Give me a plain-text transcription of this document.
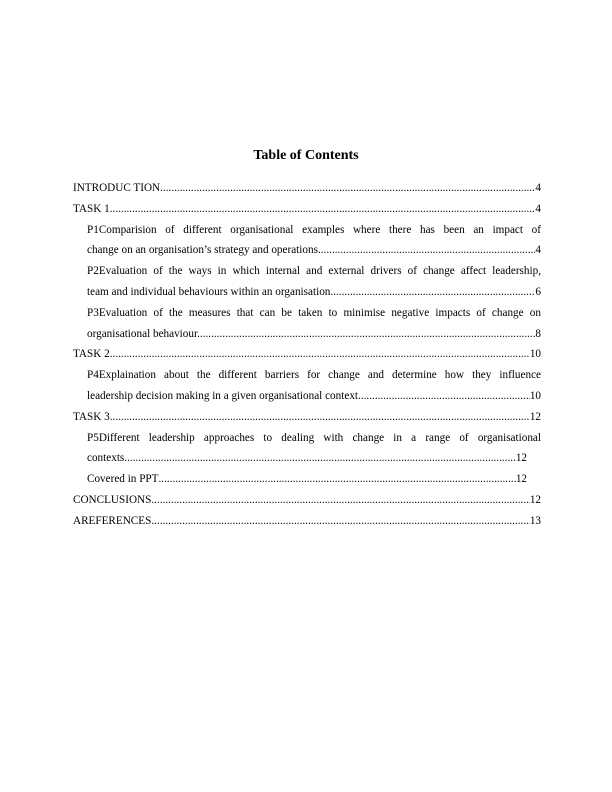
Table of Contents
INTRODUC TION .....	4
TASK 1 .....	4
P1Comparision of different organisational examples where there has been an impact of
change on an organisation’s strategy and operations .....	4
P2Evaluation of the ways in which internal and external drivers of change affect leadership,
team and individual behaviours within an organisation. .....	6
P3Evaluation of the measures that can be taken to minimise negative impacts of change on
organisational behaviour. .....	8
TASK 2 .....	10
P4Explaination about the different barriers for change and determine how they influence
leadership decision making in a given organisational context .....	10
TASK 3 .....	12
P5Different leadership approaches to dealing with change in a range of organisational
contexts .....	12
Covered in PPT .....	12
CONCLUSIONS .....	12
AREFERENCES .....	13
